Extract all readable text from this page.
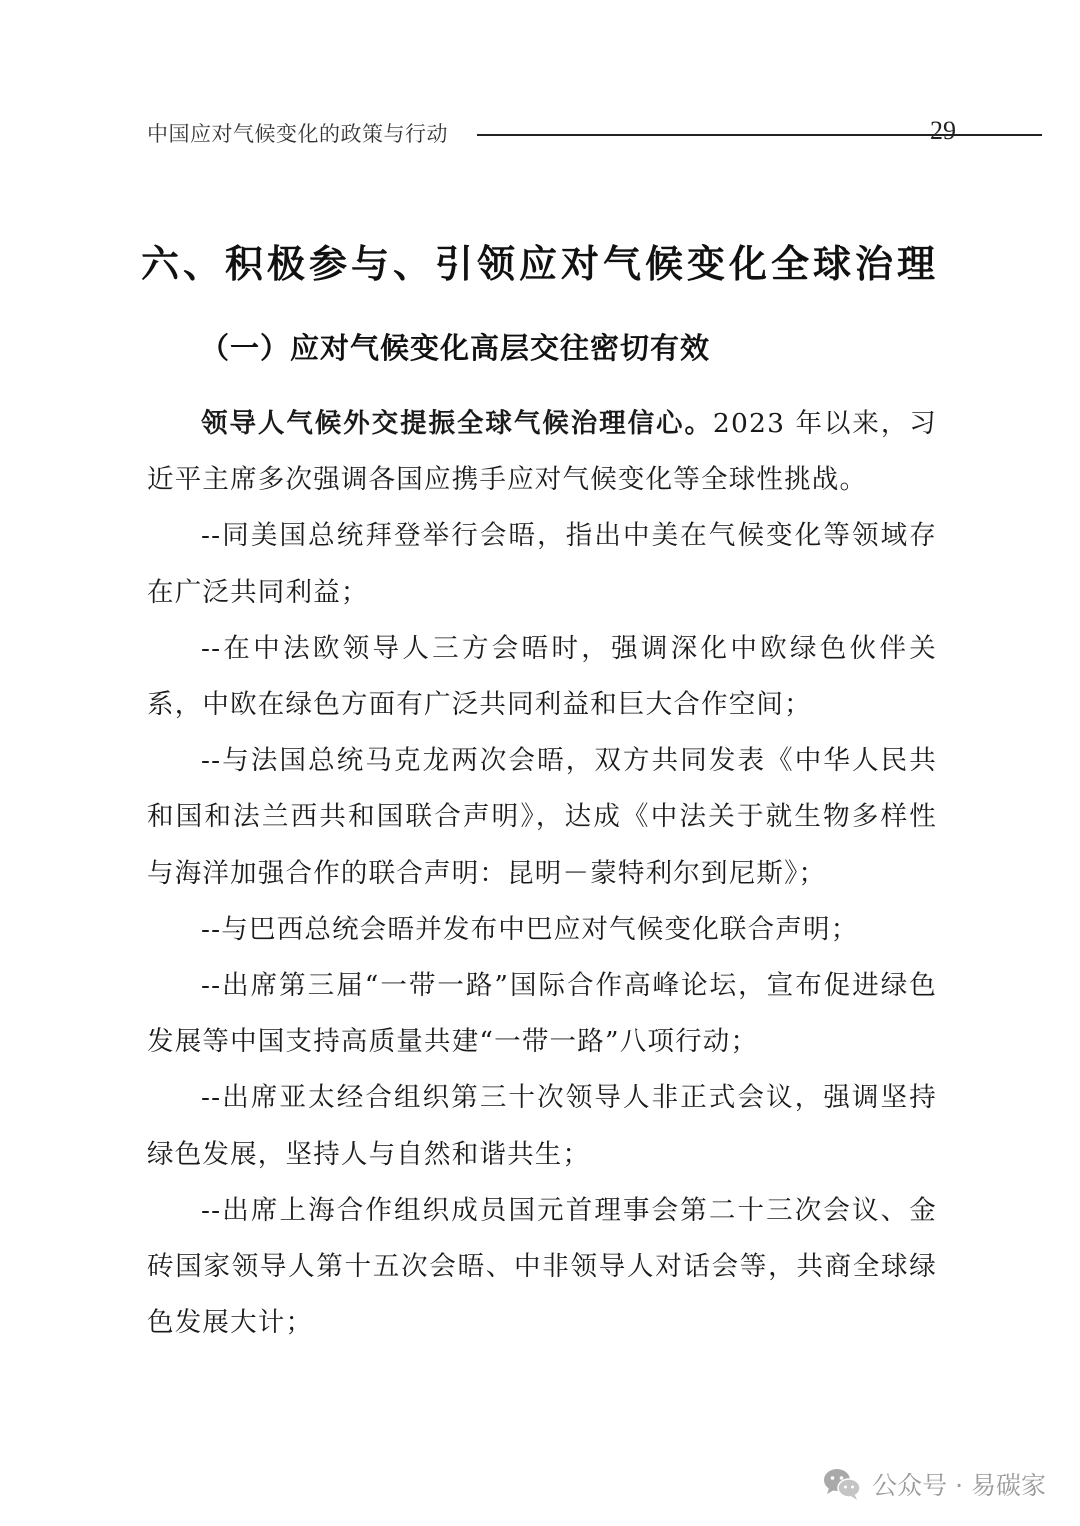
中国应对气候变化的政策与行动	29
六、积极参与、引领应对气候变化全球治理
（一）应对气候变化高层交往密切有效

领导人气候外交提振全球气候治理信心。2023 年以来，习近平主席多次强调各国应携手应对气候变化等全球性挑战。

--同美国总统拜登举行会晤，指出中美在气候变化等领域存在广泛共同利益；

--在中法欧领导人三方会晤时，强调深化中欧绿色伙伴关系，中欧在绿色方面有广泛共同利益和巨大合作空间；

--与法国总统马克龙两次会晤，双方共同发表《中华人民共和国和法兰西共和国联合声明》，达成《中法关于就生物多样性与海洋加强合作的联合声明：昆明－蒙特利尔到尼斯》；

--与巴西总统会晤并发布中巴应对气候变化联合声明；

--出席第三届“一带一路”国际合作高峰论坛，宣布促进绿色发展等中国支持高质量共建“一带一路”八项行动；

--出席亚太经合组织第三十次领导人非正式会议，强调坚持绿色发展，坚持人与自然和谐共生；

--出席上海合作组织成员国元首理事会第二十三次会议、金砖国家领导人第十五次会晤、中非领导人对话会等，共商全球绿色发展大计；

公众号 · 易碳家
